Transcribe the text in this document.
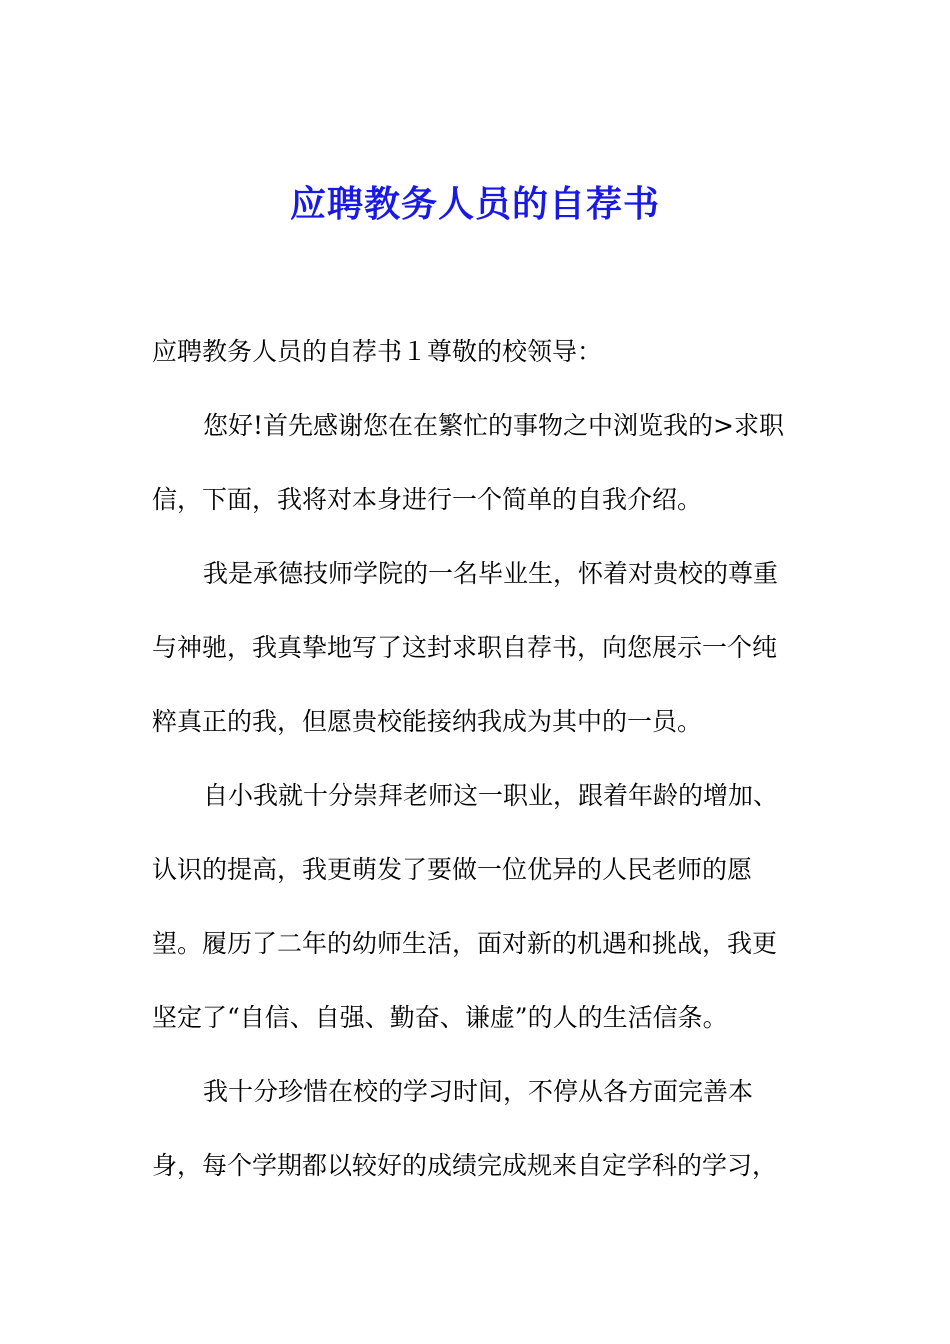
应聘教务人员的自荐书
应聘教务人员的自荐书１尊敬的校领导：
您好!首先感谢您在在繁忙的事物之中浏览我的>求职
信，下面，我将对本身进行一个简单的自我介绍。
我是承德技师学院的一名毕业生，怀着对贵校的尊重
与神驰，我真挚地写了这封求职自荐书，向您展示一个纯
粹真正的我，但愿贵校能接纳我成为其中的一员。
自小我就十分崇拜老师这一职业，跟着年龄的增加、
认识的提高，我更萌发了要做一位优异的人民老师的愿
望。履历了二年的幼师生活，面对新的机遇和挑战，我更
坚定了“自信、自强、勤奋、谦虚”的人的生活信条。
我十分珍惜在校的学习时间，不停从各方面完善本
身，每个学期都以较好的成绩完成规来自定学科的学习，
